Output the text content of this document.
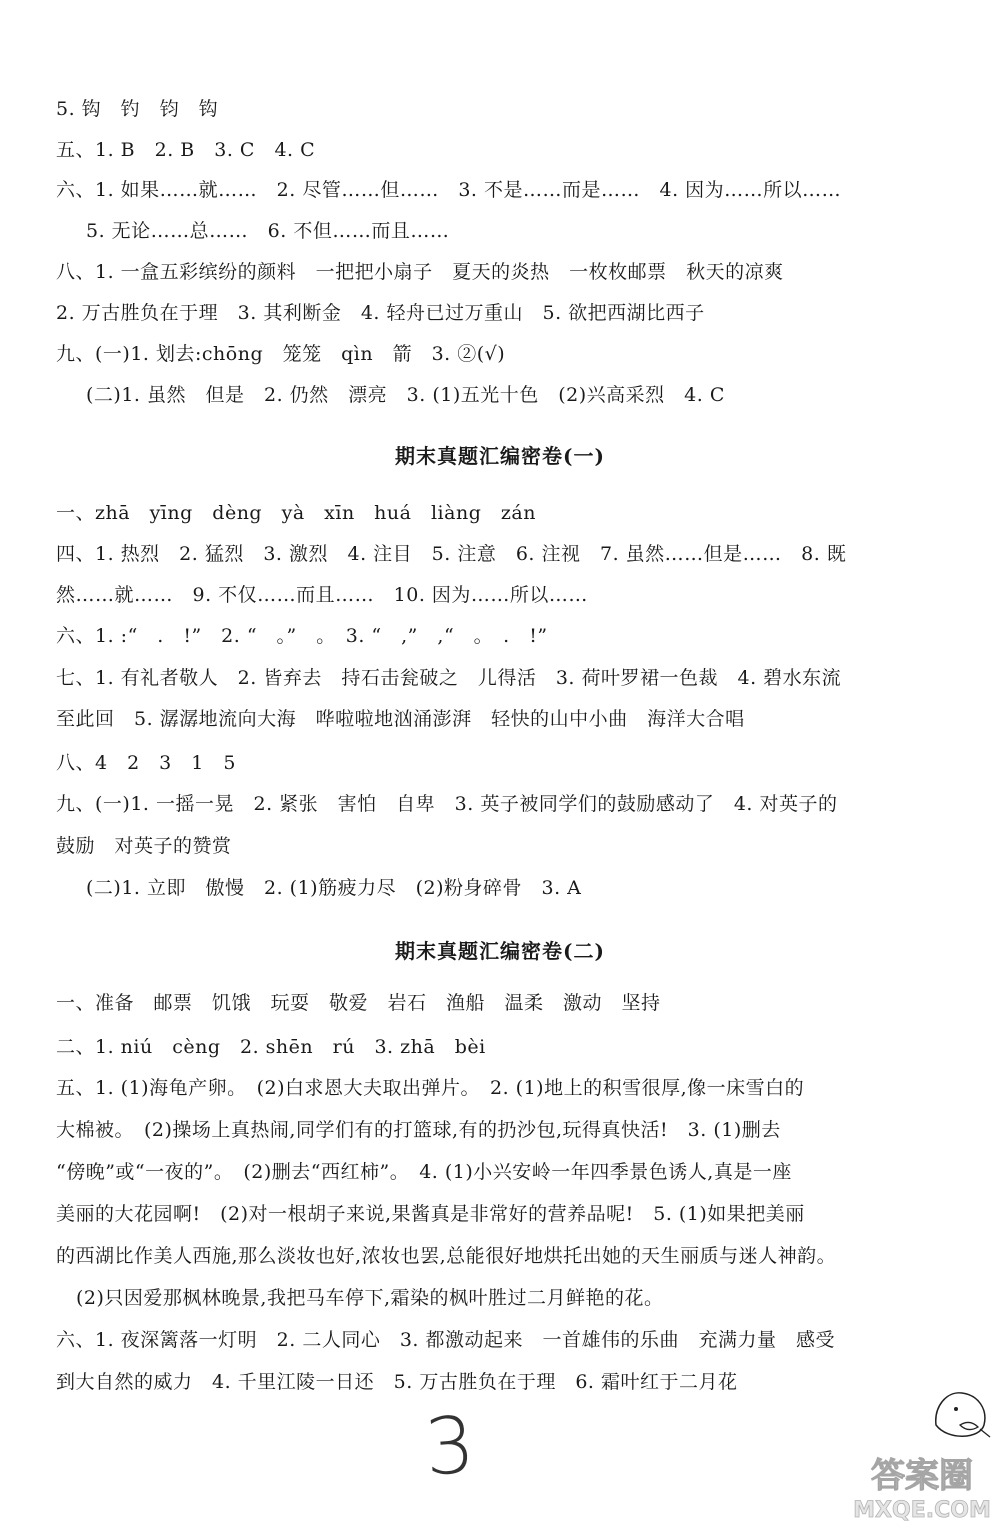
5. 钩　钓　钧　钩
五、1. B　2. B　3. C　4. C
六、1. 如果……就……　2. 尽管……但……　3. 不是……而是……　4. 因为……所以……
5. 无论……总……　6. 不但……而且……
八、1. 一盒五彩缤纷的颜料　一把把小扇子　夏天的炎热　一枚枚邮票　秋天的凉爽
2. 万古胜负在于理　3. 其利断金　4. 轻舟已过万重山　5. 欲把西湖比西子
九、(一)1. 划去:chōng　笼笼　qìn　箭　3. ②(√)
(二)1. 虽然　但是　2. 仍然　漂亮　3. (1)五光十色　(2)兴高采烈　4. C
期末真题汇编密卷(一)
一、zhā　yīng　dèng　yà　xīn　huá　liàng　zán
四、1. 热烈　2. 猛烈　3. 激烈　4. 注目　5. 注意　6. 注视　7. 虽然……但是……　8. 既
然……就……　9. 不仅……而且……　10. 因为……所以……
六、1. :“　.　!”　2. “　。”　。　3. “　,”　,“　。　.　!”
七、1. 有礼者敬人　2. 皆弃去　持石击瓮破之　儿得活　3. 荷叶罗裙一色裁　4. 碧水东流
至此回　5. 潺潺地流向大海　哗啦啦地汹涌澎湃　轻快的山中小曲　海洋大合唱
八、4　2　3　1　5
九、(一)1. 一摇一晃　2. 紧张　害怕　自卑　3. 英子被同学们的鼓励感动了　4. 对英子的
鼓励　对英子的赞赏
(二)1. 立即　傲慢　2. (1)筋疲力尽　(2)粉身碎骨　3. A
期末真题汇编密卷(二)
一、准备　邮票　饥饿　玩耍　敬爱　岩石　渔船　温柔　激动　坚持
二、1. niú　cèng　2. shēn　rú　3. zhā　bèi
五、1. (1)海龟产卵。　(2)白求恩大夫取出弹片。　2. (1)地上的积雪很厚,像一床雪白的
大棉被。　(2)操场上真热闹,同学们有的打篮球,有的扔沙包,玩得真快活!　3. (1)删去
“傍晚”或“一夜的”。　(2)删去“西红柿”。　4. (1)小兴安岭一年四季景色诱人,真是一座
美丽的大花园啊!　(2)对一根胡子来说,果酱真是非常好的营养品呢!　5. (1)如果把美丽
的西湖比作美人西施,那么淡妆也好,浓妆也罢,总能很好地烘托出她的天生丽质与迷人神韵。
(2)只因爱那枫林晚景,我把马车停下,霜染的枫叶胜过二月鲜艳的花。
六、1. 夜深篱落一灯明　2. 二人同心　3. 都激动起来　一首雄伟的乐曲　充满力量　感受
到大自然的威力　4. 千里江陵一日还　5. 万古胜负在于理　6. 霜叶红于二月花
3	答案圈
MXQE.COM
